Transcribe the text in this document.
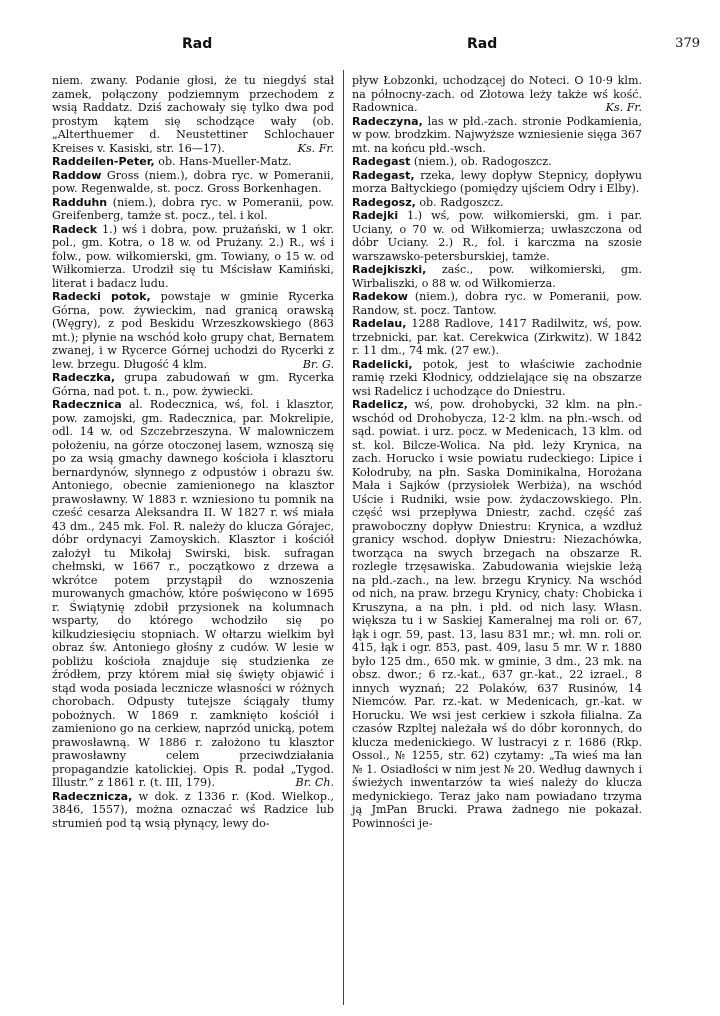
Rad	Rad	379

niem. zwany. Podanie głosi, że tu niegdyś stał zamek, połączony podziemnym przechodem z wsią Raddatz. Dziś zachowały się tylko dwa pod prostym kątem się schodzące wały (ob. „Alterthuemer d. Neustettiner Schlochauer Kreises v. Kasiski, str. 16—17).	Ks. Fr.

Raddeilen-Peter, ob. Hans-Mueller-Matz.

Raddow Gross (niem.), dobra ryc. w Pomeranii, pow. Regenwalde, st. pocz. Gross Borkenhagen.

Radduhn (niem.), dobra ryc. w Pomeranii, pow. Greifenberg, tamże st. pocz., tel. i kol.

Radeck 1.) wś i dobra, pow. prużański, w 1 okr. pol., gm. Kotra, o 18 w. od Prużany. 2.) R., wś i folw., pow. wiłkomierski, gm. Towiany, o 15 w. od Wiłkomierza. Urodził się tu Mścisław Kamiński, literat i badacz ludu.

Radecki potok, powstaje w gminie Rycerka Górna, pow. żywieckim, nad granicą orawską (Węgry), z pod Beskidu Wrzeszkowskiego (863 mt.); płynie na wschód koło grupy chat, Bernatem zwanej, i w Rycerce Górnej uchodzi do Rycerki z lew. brzegu. Długość 4 klm.	Br. G.

Radeczka, grupa zabudowań w gm. Rycerka Górna, nad pot. t. n., pow. żywiecki.

Radecznica al. Rodecznica, wś, fol. i klasztor, pow. zamojski, gm. Radecznica, par. Mokrelipie, odl. 14 w. od Szczebrzeszyna. W malowniczem położeniu, na górze otoczonej lasem, wznoszą się po za wsią gmachy dawnego kościoła i klasztoru bernardynów, słynnego z odpustów i obrazu św. Antoniego, obecnie zamienionego na klasztor prawosławny. W 1883 r. wzniesiono tu pomnik na cześć cesarza Aleksandra II. W 1827 r. wś miała 43 dm., 245 mk. Fol. R. należy do klucza Górajec, dóbr ordynacyi Zamoyskich. Klasztor i kościół założył tu Mikołaj Swirski, bisk. sufragan chełmski, w 1667 r., początkowo z drzewa a wkrótce potem przystąpił do wznoszenia murowanych gmachów, które poświęcono w 1695 r. Świątynię zdobił przysionek na kolumnach wsparty, do którego wchodziło się po kilkudziesięciu stopniach. W ołtarzu wielkim był obraz św. Antoniego głośny z cudów. W lesie w pobliżu kościoła znajduje się studzienka ze źródłem, przy którem miał się święty objawić i stąd woda posiada lecznicze własności w różnych chorobach. Odpusty tutejsze ściągały tłumy pobożnych. W 1869 r. zamknięto kościół i zamieniono go na cerkiew, naprzód unicką, potem prawosławną. W 1886 r. założono tu klasztor prawosławny celem przeciwdziałania propagandzie katolickiej. Opis R. podał „Tygod. Illustr.” z 1861 r. (t. III, 179).	Br. Ch.

Radecznicza, w dok. z 1336 r. (Kod. Wielkop., 3846, 1557), można oznaczać wś Radzice lub strumień pod tą wsią płynący, lewy do-

pływ Łobzonki, uchodzącej do Noteci. O 10·9 klm. na północny-zach. od Złotowa leży także wś kość. Radownica.	Ks. Fr.

Radeczyna, las w płd.-zach. stronie Podkamienia, w pow. brodzkim. Najwyższe wzniesienie sięga 367 mt. na końcu płd.-wsch.

Radegast (niem.), ob. Radogoszcz.

Radegast, rzeka, lewy dopływ Stepnicy, dopływu morza Bałtyckiego (pomiędzy ujściem Odry i Elby).

Radegosz, ob. Radgoszcz.

Radejki 1.) wś, pow. wiłkomierski, gm. i par. Uciany, o 70 w. od Wiłkomierza; uwłaszczona od dóbr Uciany. 2.) R., fol. i karczma na szosie warszawsko-petersburskiej, tamże.

Radejkiszki, zaśc., pow. wiłkomierski, gm. Wirbaliszki, o 88 w. od Wiłkomierza.

Radekow (niem.), dobra ryc. w Pomeranii, pow. Randow, st. pocz. Tantow.

Radelau, 1288 Radlove, 1417 Radilwitz, wś, pow. trzebnicki, par. kat. Cerekwica (Zirkwitz). W 1842 r. 11 dm., 74 mk. (27 ew.).

Radelicki, potok, jest to właściwie zachodnie ramię rzeki Kłodnicy, oddzielające się na obszarze wsi Radelicz i uchodzące do Dniestru.

Radelicz, wś, pow. drohobycki, 32 klm. na płn.-wschód od Drohobycza, 12·2 klm. na płn.-wsch. od sąd. powiat. i urz. pocz. w Medenicach, 13 klm. od st. kol. Bilcze-Wolica. Na płd. leży Krynica, na zach. Horucko i wsie powiatu rudeckiego: Lipice i Kołodruby, na płn. Saska Dominikalna, Horożana Mała i Sajków (przysiołek Werbiża), na wschód Uście i Rudniki, wsie pow. żydaczowskiego. Płn. część wsi przepływa Dniestr, zachd. część zaś prawoboczny dopływ Dniestru: Krynica, a wzdłuż granicy wschod. dopływ Dniestru: Niezachówka, tworząca na swych brzegach na obszarze R. rozległe trzęsawiska. Zabudowania wiejskie leżą na płd.-zach., na lew. brzegu Krynicy. Na wschód od nich, na praw. brzegu Krynicy, chaty: Chobicka i Kruszyna, a na płn. i płd. od nich lasy. Własn. większa tu i w Saskiej Kameralnej ma roli or. 67, łąk i ogr. 59, past. 13, lasu 831 mr.; wł. mn. roli or. 415, łąk i ogr. 853, past. 409, lasu 5 mr. W r. 1880 było 125 dm., 650 mk. w gminie, 3 dm., 23 mk. na obsz. dwor.; 6 rz.-kat., 637 gr.-kat., 22 izrael., 8 innych wyznań; 22 Polaków, 637 Rusinów, 14 Niemców. Par. rz.-kat. w Medenicach, gr.-kat. w Horucku. We wsi jest cerkiew i szkoła filialna. Za czasów Rzpltej należała wś do dóbr koronnych, do klucza medenickiego. W lustracyi z r. 1686 (Rkp. Ossol., № 1255, str. 62) czytamy: „Ta wieś ma łan № 1. Osiadłości w nim jest № 20. Według dawnych i świeżych inwentarzów ta wieś należy do klucza medynickiego. Teraz jako nam powiadano trzyma ją JmPan Brucki. Prawa żadnego nie pokazał. Powinności je-
